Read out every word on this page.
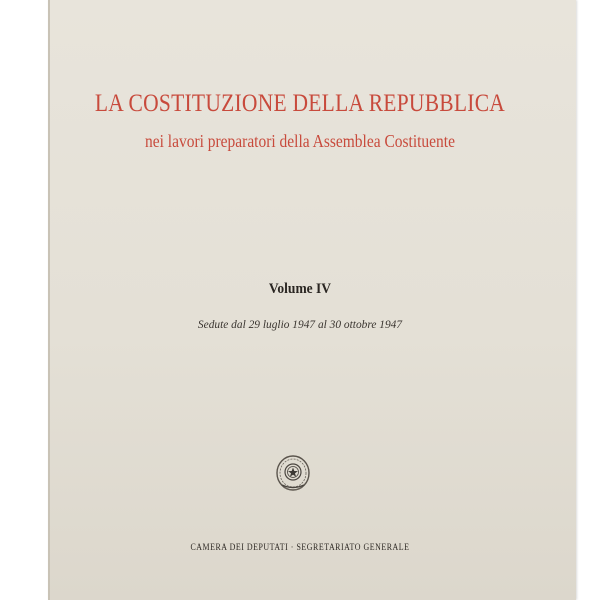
LA COSTITUZIONE DELLA REPUBBLICA
nei lavori preparatori della Assemblea Costituente
Volume IV
Sedute dal 29 luglio 1947 al 30 ottobre 1947
CAMERA DEI DEPUTATI · SEGRETARIATO GENERALE
